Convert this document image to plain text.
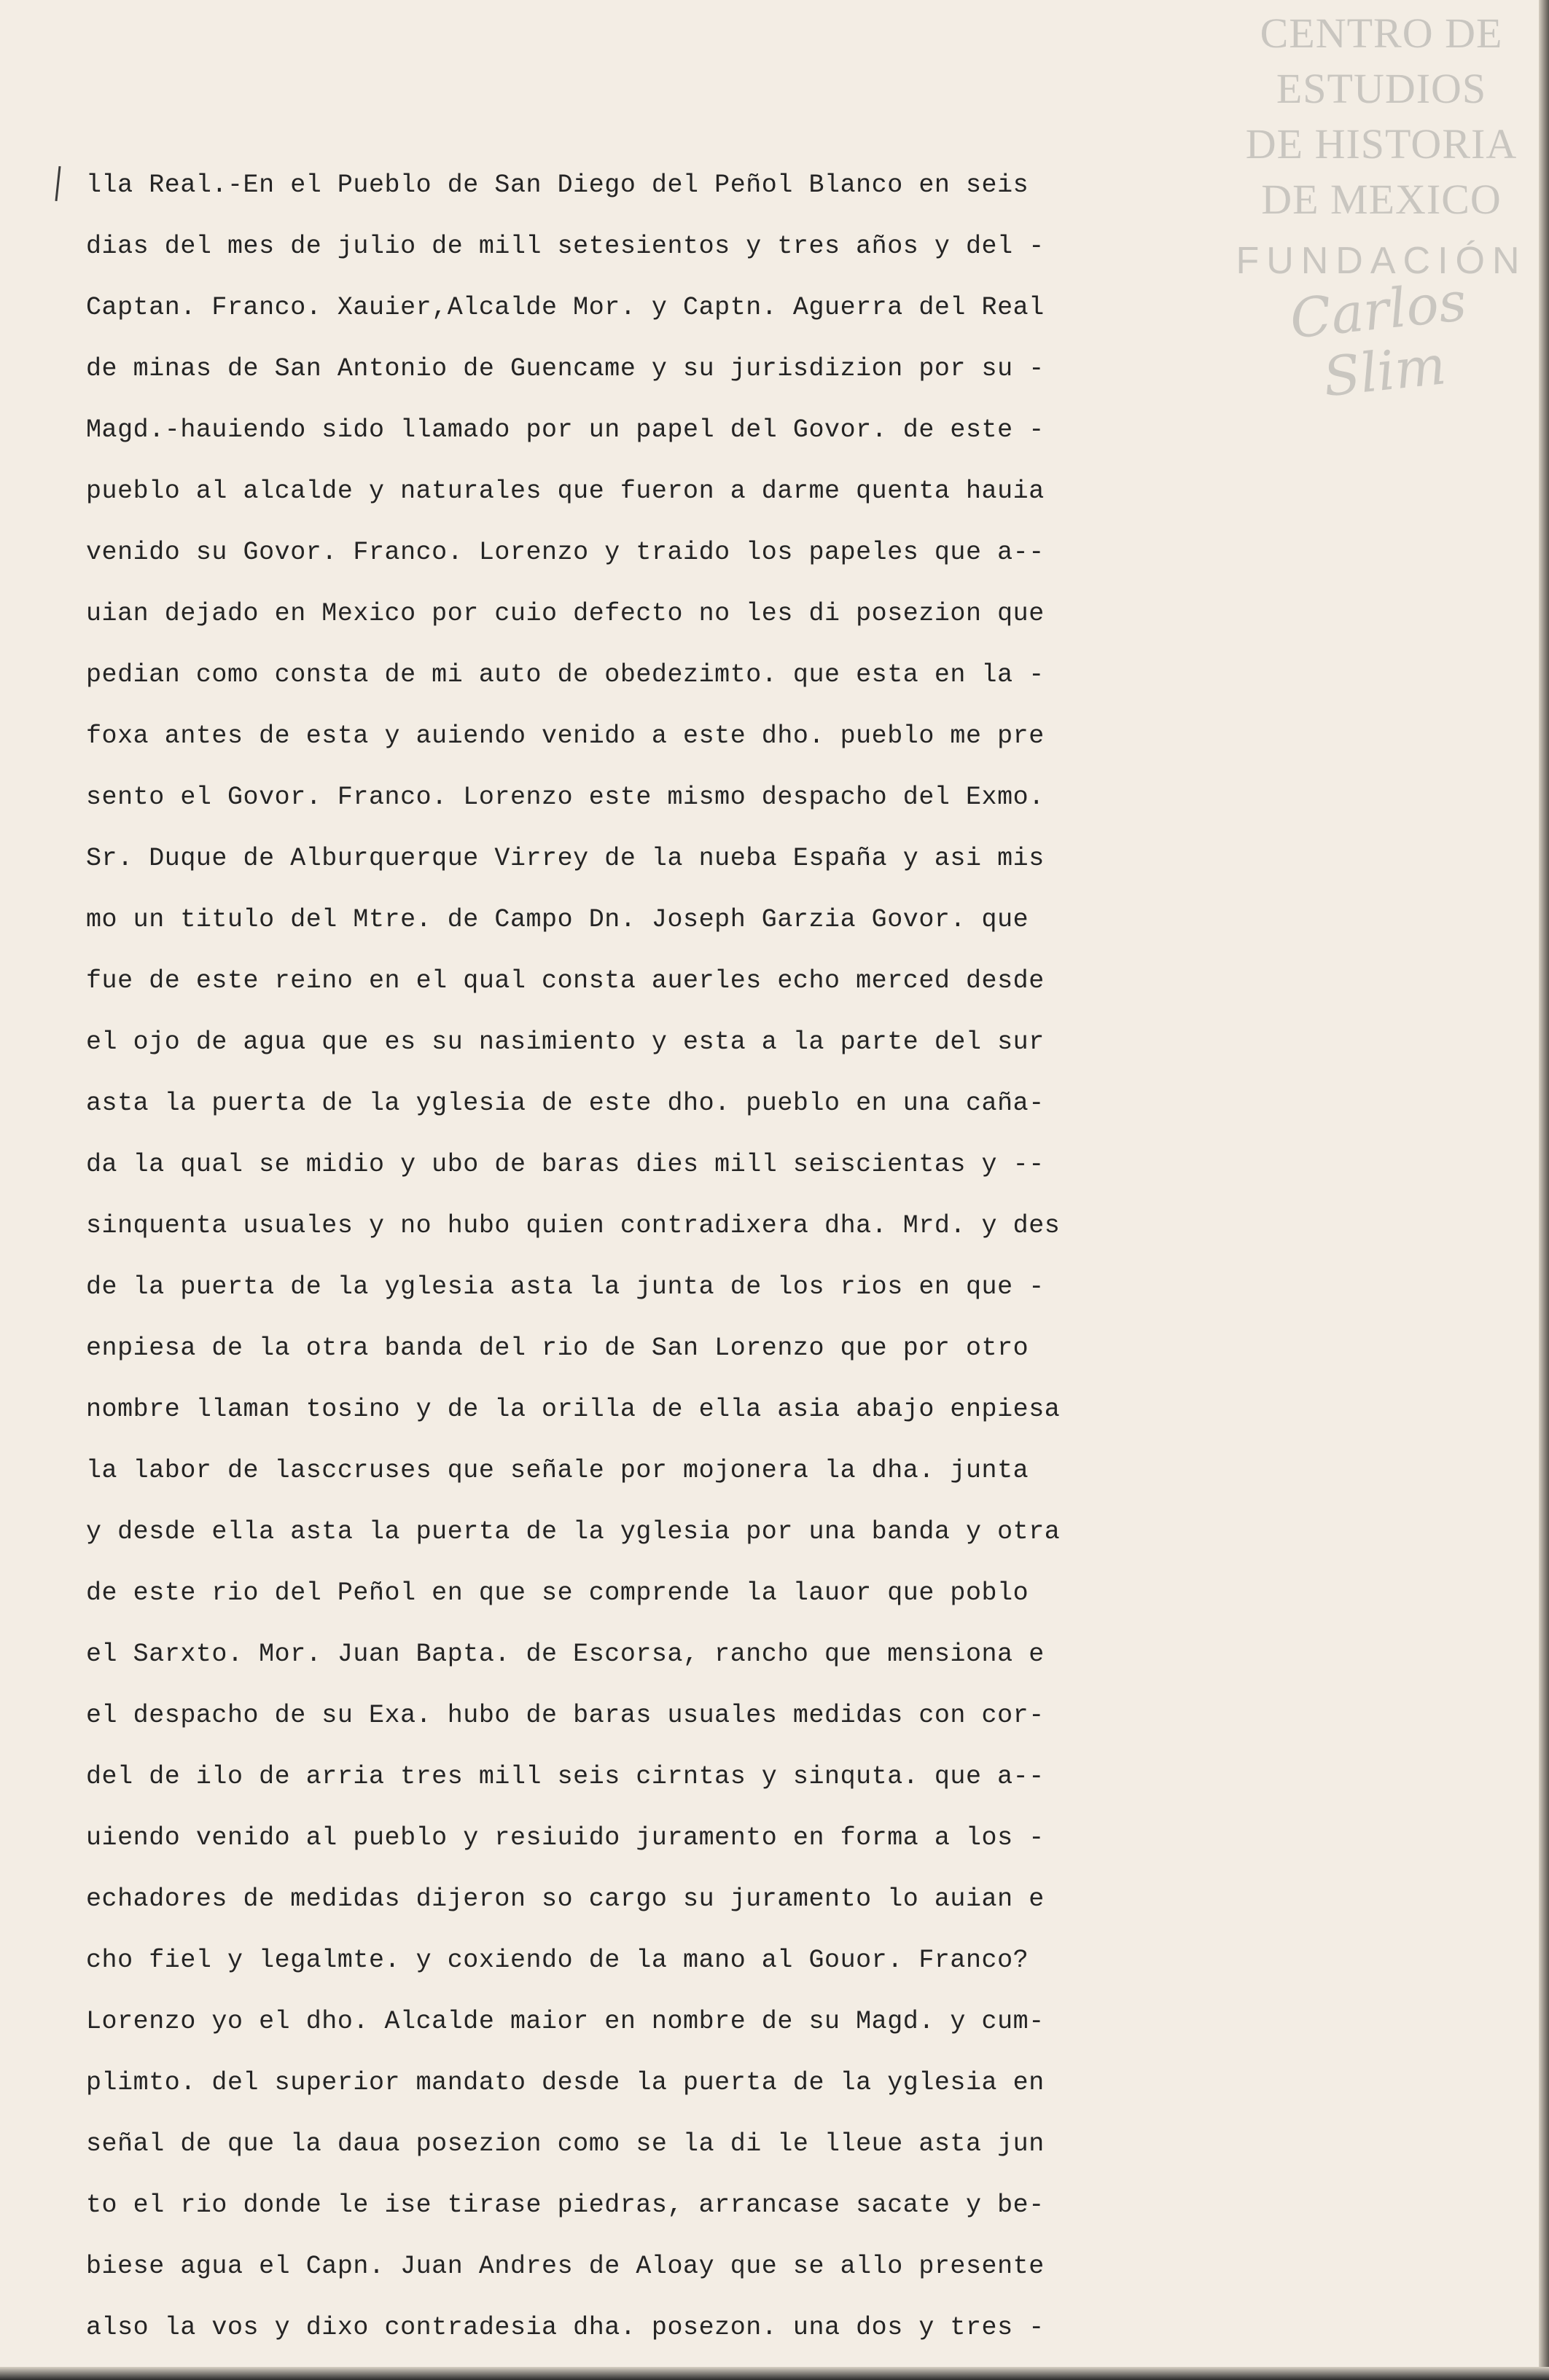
CENTRO DE
ESTUDIOS
DE HISTORIA
DE MEXICO
FUNDACIÓN
Carlos Slim
lla Real.-En el Pueblo de San Diego del Peñol Blanco en seis
dias del mes de julio de mill setesientos y tres años y del -
Captan. Franco. Xauier,Alcalde Mor. y Captn. Aguerra del Real
de minas de San Antonio de Guencame y su jurisdizion por su -
Magd.-hauiendo sido llamado por un papel del Govor. de este -
pueblo al alcalde y naturales que fueron a darme quenta hauia
venido su Govor. Franco. Lorenzo y traido los papeles que a--
uian dejado en Mexico por cuio defecto no les di posezion que
pedian como consta de mi auto de obedezimto. que esta en la -
foxa antes de esta y auiendo venido a este dho. pueblo me pre
sento el Govor. Franco. Lorenzo este mismo despacho del Exmo.
Sr. Duque de Alburquerque Virrey de la nueba España y asi mis
mo un titulo del Mtre. de Campo Dn. Joseph Garzia Govor. que
fue de este reino en el qual consta auerles echo merced desde
el ojo de agua que es su nasimiento y esta a la parte del sur
asta la puerta de la yglesia de este dho. pueblo en una caña-
da la qual se midio y ubo de baras dies mill seiscientas y --
sinquenta usuales y no hubo quien contradixera dha. Mrd. y des
de la puerta de la yglesia asta la junta de los rios en que -
enpiesa de la otra banda del rio de San Lorenzo que por otro
nombre llaman tosino y de la orilla de ella asia abajo enpiesa
la labor de lasccruses que señale por mojonera la dha. junta
y desde ella asta la puerta de la yglesia por una banda y otra
de este rio del Peñol en que se comprende la lauor que poblo
el Sarxto. Mor. Juan Bapta. de Escorsa, rancho que mensiona e
el despacho de su Exa. hubo de baras usuales medidas con cor-
del de ilo de arria tres mill seis cirntas y sinquta. que a--
uiendo venido al pueblo y resiuido juramento en forma a los -
echadores de medidas dijeron so cargo su juramento lo auian e
cho fiel y legalmte. y coxiendo de la mano al Gouor. Franco?
Lorenzo yo el dho. Alcalde maior en nombre de su Magd. y cum-
plimto. del superior mandato desde la puerta de la yglesia en
señal de que la daua posezion como se la di le lleue asta jun
to el rio donde le ise tirase piedras, arrancase sacate y be-
biese agua el Capn. Juan Andres de Aloay que se allo presente
also la vos y dixo contradesia dha. posezon. una dos y tres -
